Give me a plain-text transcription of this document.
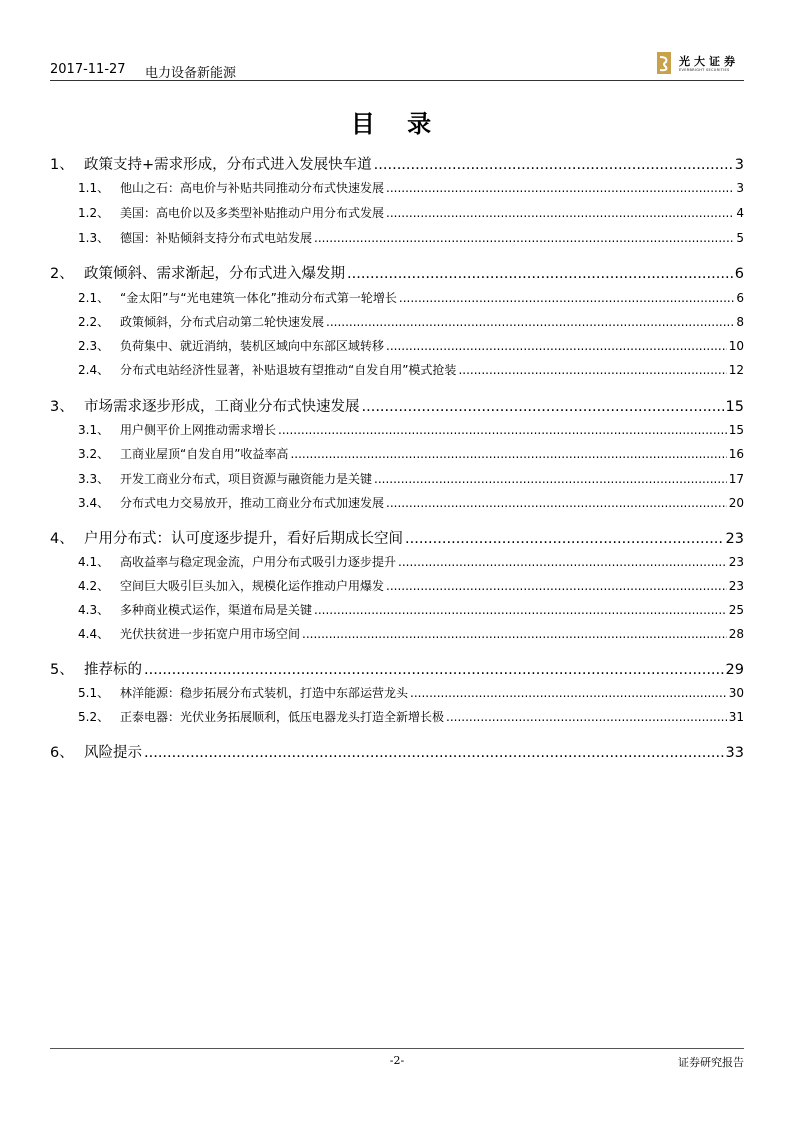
2017-11-27 电力设备新能源
光大证券
EVERBRIGHT SECURITIES
目 录
1、 政策支持+需求形成，分布式进入发展快车道 .....	3
1.1、 他山之石：高电价与补贴共同推动分布式快速发展 .....	3
1.2、 美国：高电价以及多类型补贴推动户用分布式发展 .....	4
1.3、 德国：补贴倾斜支持分布式电站发展 .....	5
2、 政策倾斜、需求渐起，分布式进入爆发期 .....	6
2.1、 “金太阳”与“光电建筑一体化”推动分布式第一轮增长 .....	6
2.2、 政策倾斜，分布式启动第二轮快速发展 .....	8
2.3、 负荷集中、就近消纳，装机区域向中东部区域转移 .....	10
2.4、 分布式电站经济性显著，补贴退坡有望推动“自发自用”模式抢装 .....	12
3、 市场需求逐步形成，工商业分布式快速发展 .....	15
3.1、 用户侧平价上网推动需求增长 .....	15
3.2、 工商业屋顶“自发自用”收益率高 .....	16
3.3、 开发工商业分布式，项目资源与融资能力是关键 .....	17
3.4、 分布式电力交易放开，推动工商业分布式加速发展 .....	20
4、 户用分布式：认可度逐步提升，看好后期成长空间 .....	23
4.1、 高收益率与稳定现金流，户用分布式吸引力逐步提升 .....	23
4.2、 空间巨大吸引巨头加入，规模化运作推动户用爆发 .....	23
4.3、 多种商业模式运作，渠道布局是关键 .....	25
4.4、 光伏扶贫进一步拓宽户用市场空间 .....	28
5、 推荐标的 .....	29
5.1、 林洋能源：稳步拓展分布式装机，打造中东部运营龙头 .....	30
5.2、 正泰电器：光伏业务拓展顺利，低压电器龙头打造全新增长极 .....	31
6、 风险提示 .....	33
-2-	证券研究报告
